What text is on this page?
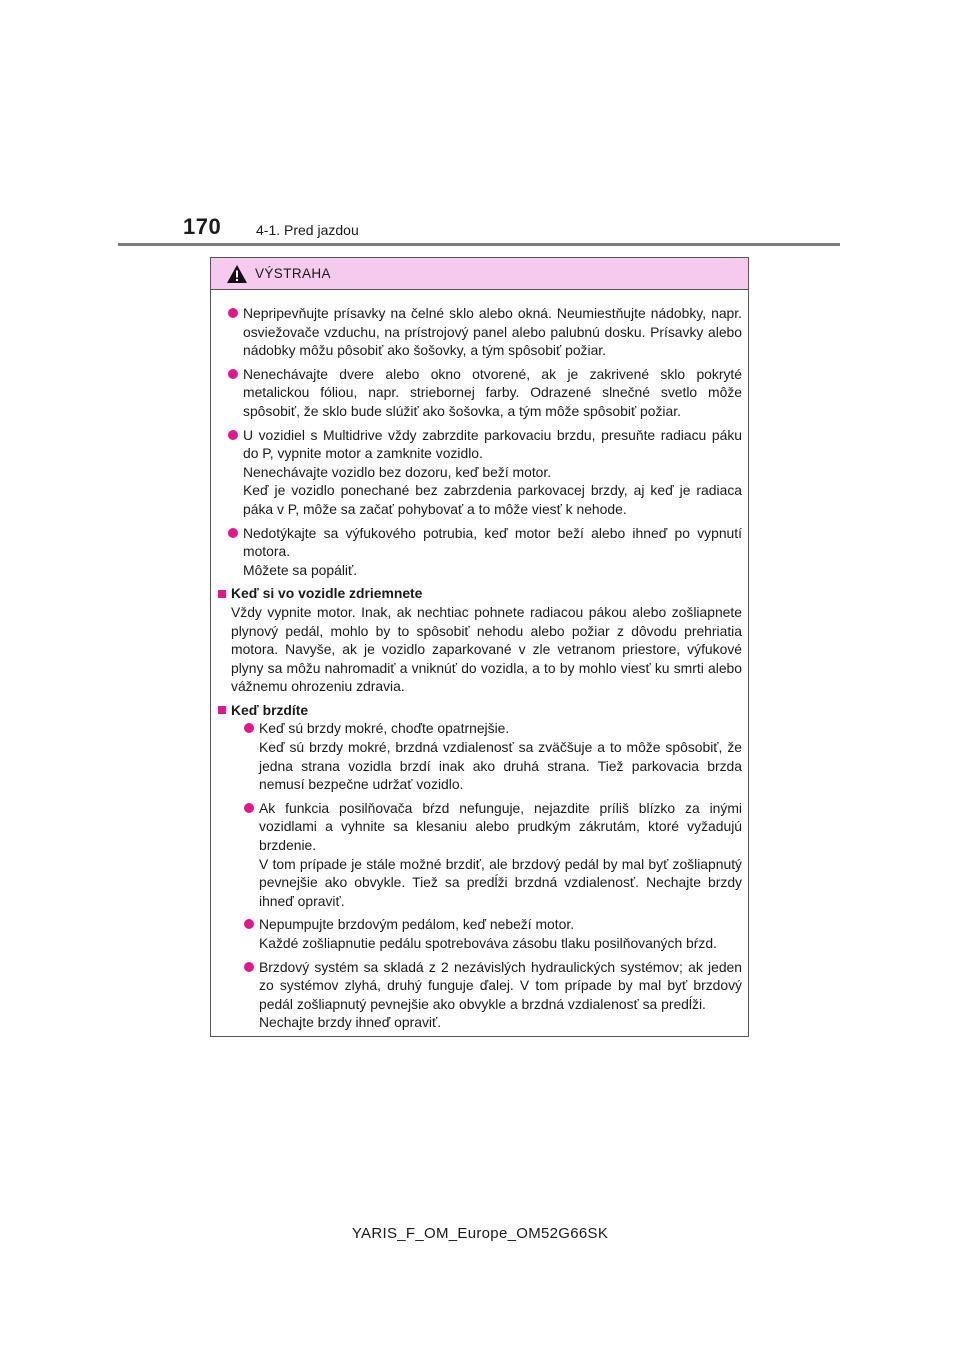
170 4-1. Pred jazdou
VÝSTRAHA

Nepripevňujte prísavky na čelné sklo alebo okná. Neumiestňujte nádobky, napr. osviežovače vzduchu, na prístrojový panel alebo palubnú dosku. Prísavky alebo nádobky môžu pôsobiť ako šošovky, a tým spôsobiť požiar.

Nenechávajte dvere alebo okno otvorené, ak je zakrivené sklo pokryté metalickou fóliou, napr. striebornej farby. Odrazené slnečné svetlo môže spôsobiť, že sklo bude slúžiť ako šošovka, a tým môže spôsobiť požiar.

U vozidiel s Multidrive vždy zabrzdite parkovaciu brzdu, presuňte radiacu páku do P, vypnite motor a zamknite vozidlo.

Nenechávajte vozidlo bez dozoru, keď beží motor.

Keď je vozidlo ponechané bez zabrzdenia parkovacej brzdy, aj keď je radiaca páka v P, môže sa začať pohybovať a to môže viesť k nehode.

Nedotýkajte sa výfukového potrubia, keď motor beží alebo ihneď po vypnutí motora.

Môžete sa popáliť.

Keď si vo vozidle zdriemnete

Vždy vypnite motor. Inak, ak nechtiac pohnete radiacou pákou alebo zošliapnete plynový pedál, mohlo by to spôsobiť nehodu alebo požiar z dôvodu prehriatia motora. Navyše, ak je vozidlo zaparkované v zle vetranom priestore, výfukové plyny sa môžu nahromadiť a vniknúť do vozidla, a to by mohlo viesť ku smrti alebo vážnemu ohrozeniu zdravia.

Keď brzdíte

Keď sú brzdy mokré, choďte opatrnejšie.

Keď sú brzdy mokré, brzdná vzdialenosť sa zväčšuje a to môže spôsobiť, že jedna strana vozidla brzdí inak ako druhá strana. Tiež parkovacia brzda nemusí bezpečne udržať vozidlo.

Ak funkcia posilňovača bŕzd nefunguje, nejazdite príliš blízko za inými vozidlami a vyhnite sa klesaniu alebo prudkým zákrutám, ktoré vyžadujú brzdenie.

V tom prípade je stále možné brzdiť, ale brzdový pedál by mal byť zošliapnutý pevnejšie ako obvykle. Tiež sa predĺži brzdná vzdialenosť. Nechajte brzdy ihneď opraviť.

Nepumpujte brzdovým pedálom, keď nebeží motor.

Každé zošliapnutie pedálu spotrebováva zásobu tlaku posilňovaných bŕzd.

Brzdový systém sa skladá z 2 nezávislých hydraulických systémov; ak jeden zo systémov zlyhá, druhý funguje ďalej. V tom prípade by mal byť brzdový pedál zošliapnutý pevnejšie ako obvykle a brzdná vzdialenosť sa predĺži.

Nechajte brzdy ihneď opraviť.

YARIS_F_OM_Europe_OM52G66SK
